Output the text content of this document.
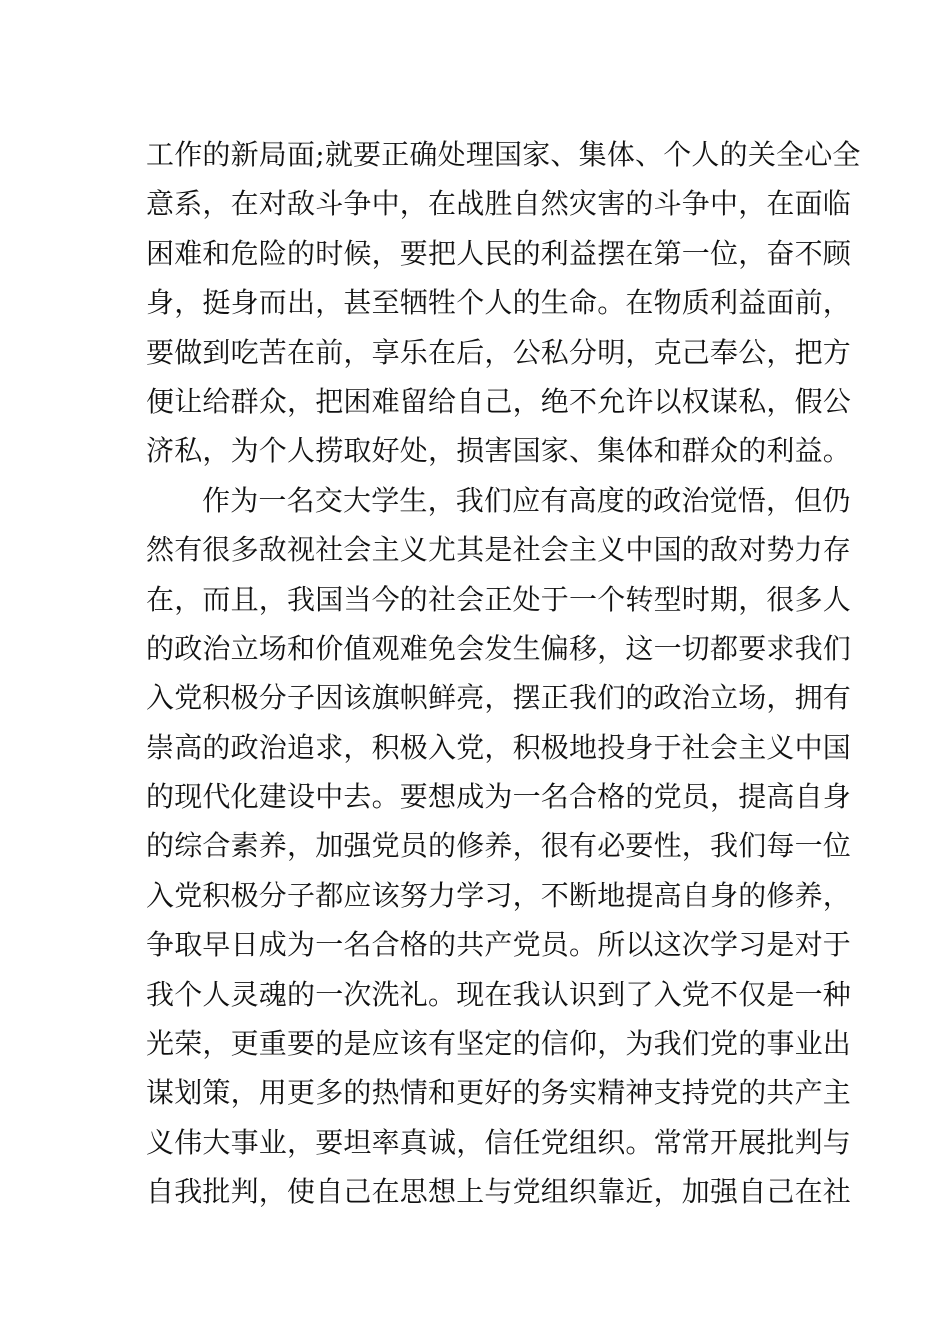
工作的新局面;就要正确处理国家、集体、个人的关全心全
意系，在对敌斗争中，在战胜自然灾害的斗争中，在面临
困难和危险的时候，要把人民的利益摆在第一位，奋不顾
身，挺身而出，甚至牺牲个人的生命。在物质利益面前，
要做到吃苦在前，享乐在后，公私分明，克己奉公，把方
便让给群众，把困难留给自己，绝不允许以权谋私，假公
济私，为个人捞取好处，损害国家、集体和群众的利益。
作为一名交大学生，我们应有高度的政治觉悟，但仍
然有很多敌视社会主义尤其是社会主义中国的敌对势力存
在，而且，我国当今的社会正处于一个转型时期，很多人
的政治立场和价值观难免会发生偏移，这一切都要求我们
入党积极分子因该旗帜鲜亮，摆正我们的政治立场，拥有
崇高的政治追求，积极入党，积极地投身于社会主义中国
的现代化建设中去。要想成为一名合格的党员，提高自身
的综合素养，加强党员的修养，很有必要性，我们每一位
入党积极分子都应该努力学习，不断地提高自身的修养，
争取早日成为一名合格的共产党员。所以这次学习是对于
我个人灵魂的一次洗礼。现在我认识到了入党不仅是一种
光荣，更重要的是应该有坚定的信仰，为我们党的事业出
谋划策，用更多的热情和更好的务实精神支持党的共产主
义伟大事业，要坦率真诚，信任党组织。常常开展批判与
自我批判，使自己在思想上与党组织靠近，加强自己在社
